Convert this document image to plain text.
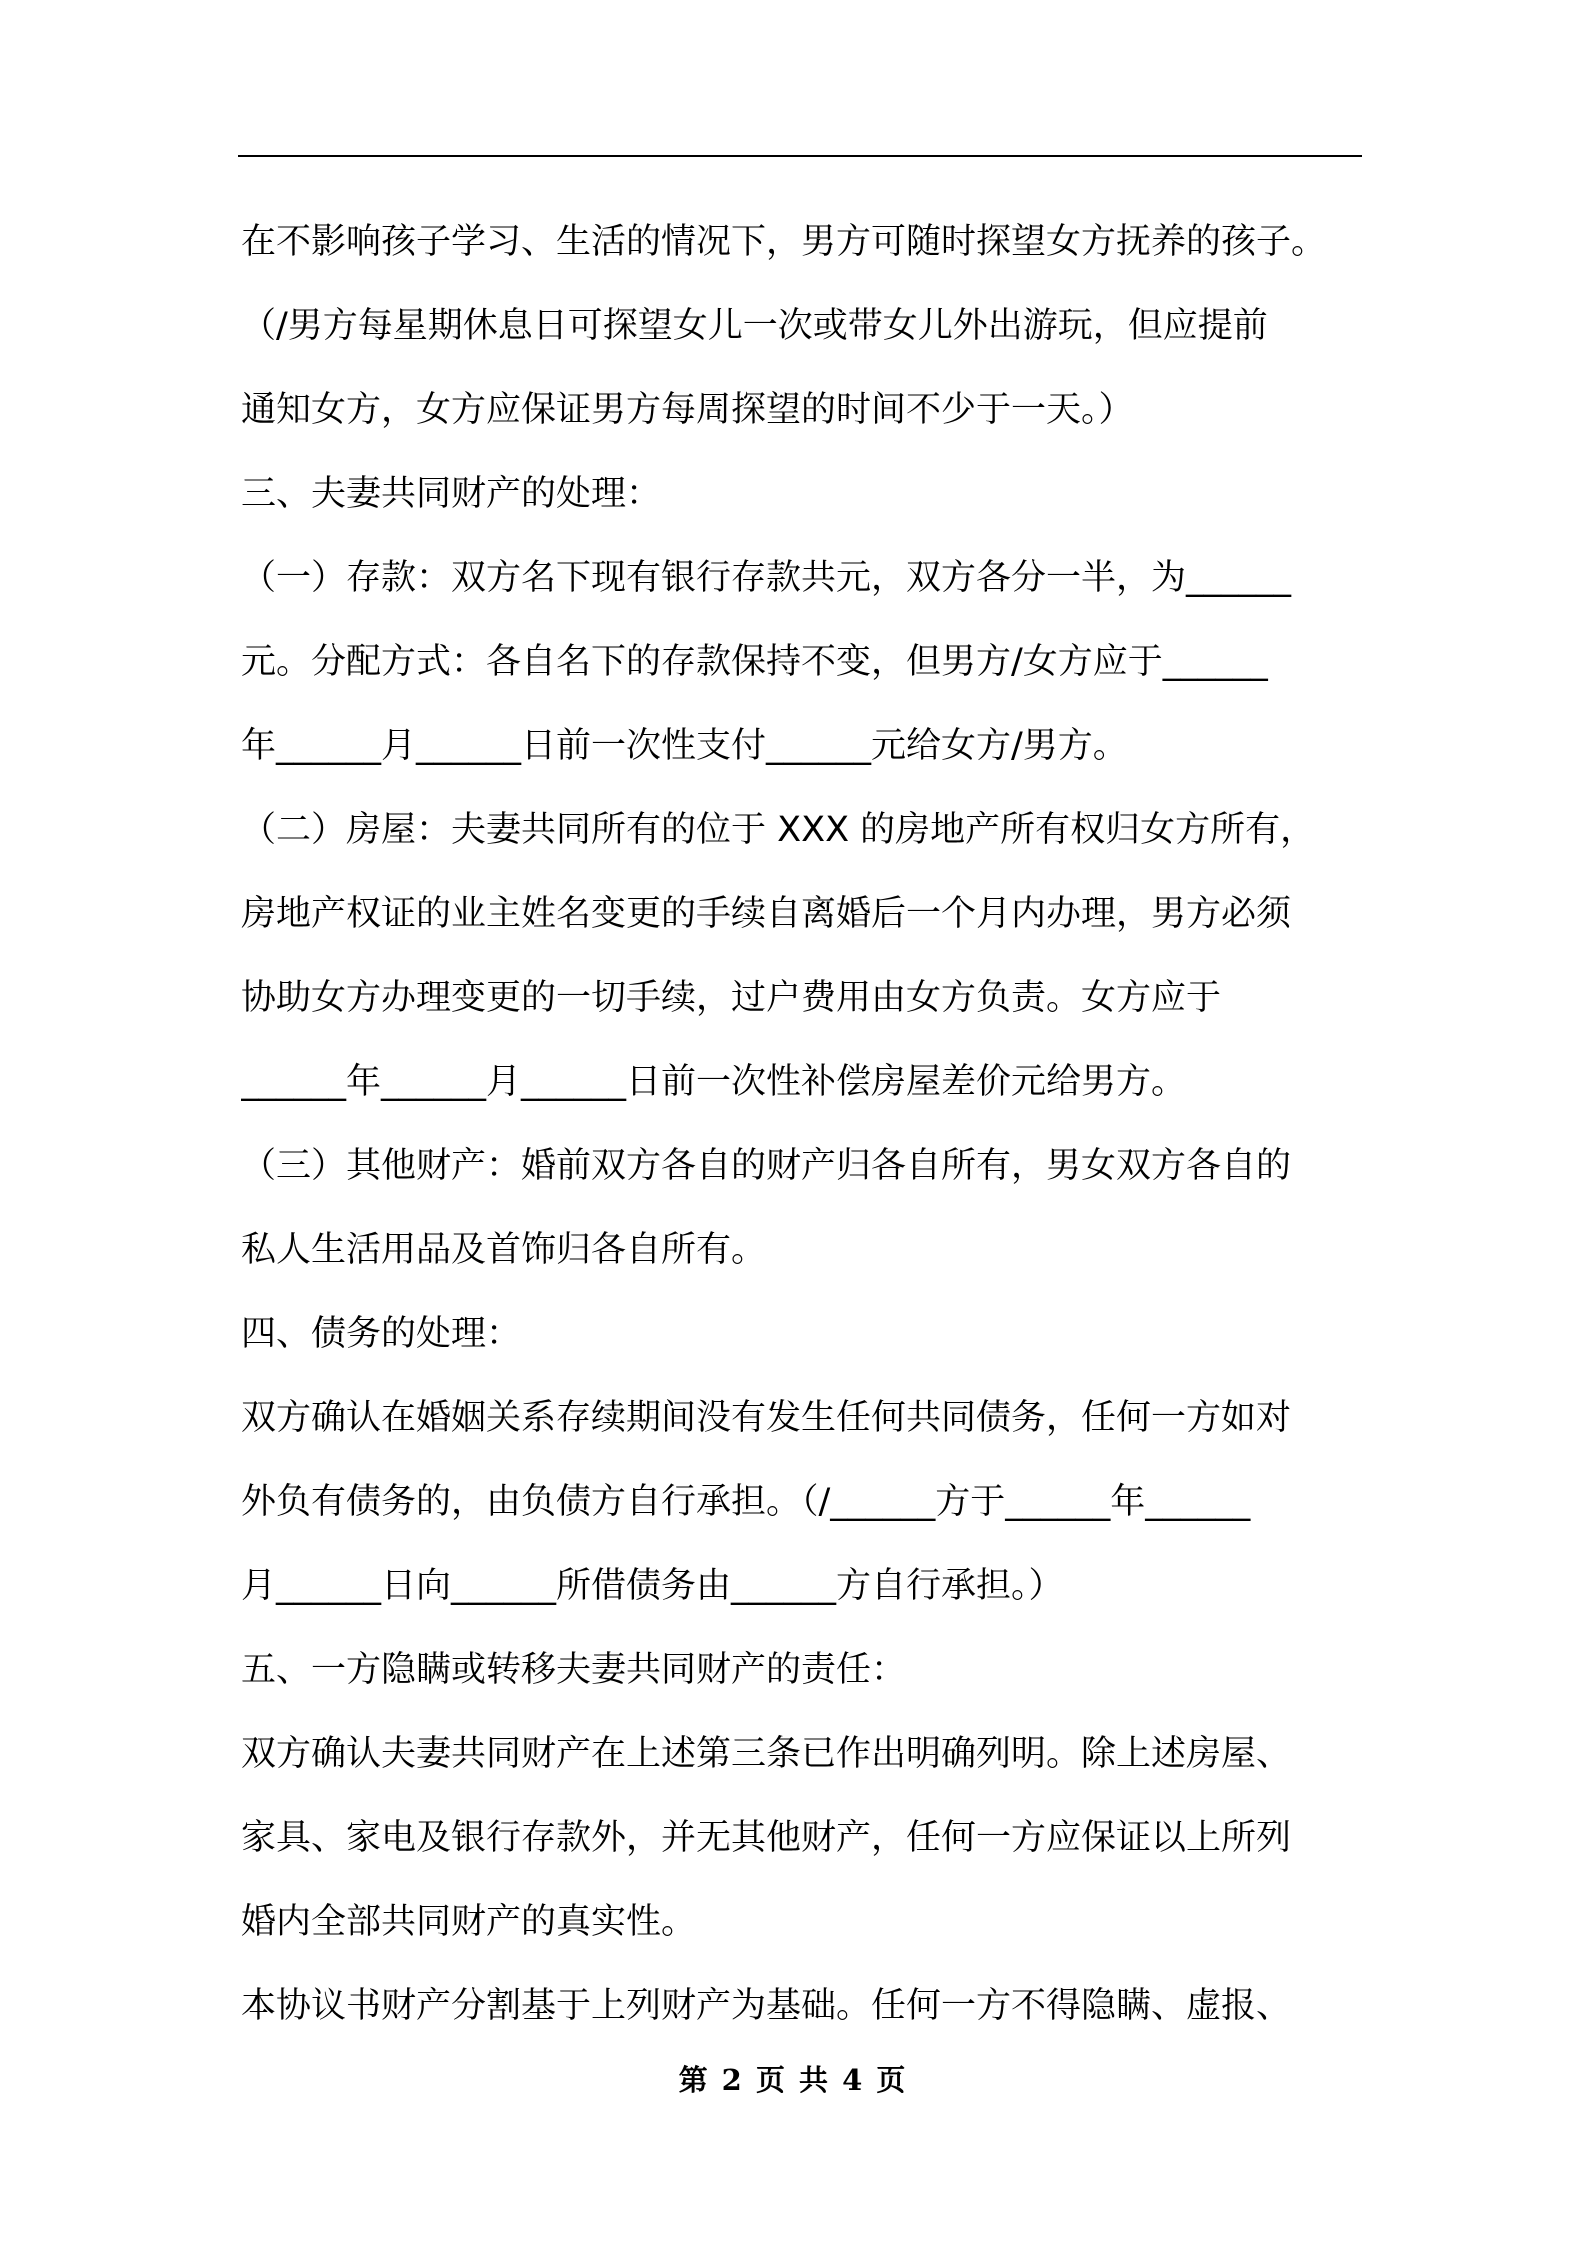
在不影响孩子学习、生活的情况下，男方可随时探望女方抚养的孩子。
（/男方每星期休息日可探望女儿一次或带女儿外出游玩，但应提前
通知女方，女方应保证男方每周探望的时间不少于一天。）
三、夫妻共同财产的处理：
（一）存款：双方名下现有银行存款共元，双方各分一半，为______
元。分配方式：各自名下的存款保持不变，但男方/女方应于______
年______月______日前一次性支付______元给女方/男方。
（二）房屋：夫妻共同所有的位于 XXX 的房地产所有权归女方所有，
房地产权证的业主姓名变更的手续自离婚后一个月内办理，男方必须
协助女方办理变更的一切手续，过户费用由女方负责。女方应于
______年______月______日前一次性补偿房屋差价元给男方。
（三）其他财产：婚前双方各自的财产归各自所有，男女双方各自的
私人生活用品及首饰归各自所有。
四、债务的处理：
双方确认在婚姻关系存续期间没有发生任何共同债务，任何一方如对
外负有债务的，由负债方自行承担。（/______方于______年______
月______日向______所借债务由______方自行承担。）
五、一方隐瞒或转移夫妻共同财产的责任：
双方确认夫妻共同财产在上述第三条已作出明确列明。除上述房屋、
家具、家电及银行存款外，并无其他财产，任何一方应保证以上所列
婚内全部共同财产的真实性。
本协议书财产分割基于上列财产为基础。任何一方不得隐瞒、虚报、
第 2 页 共 4 页
